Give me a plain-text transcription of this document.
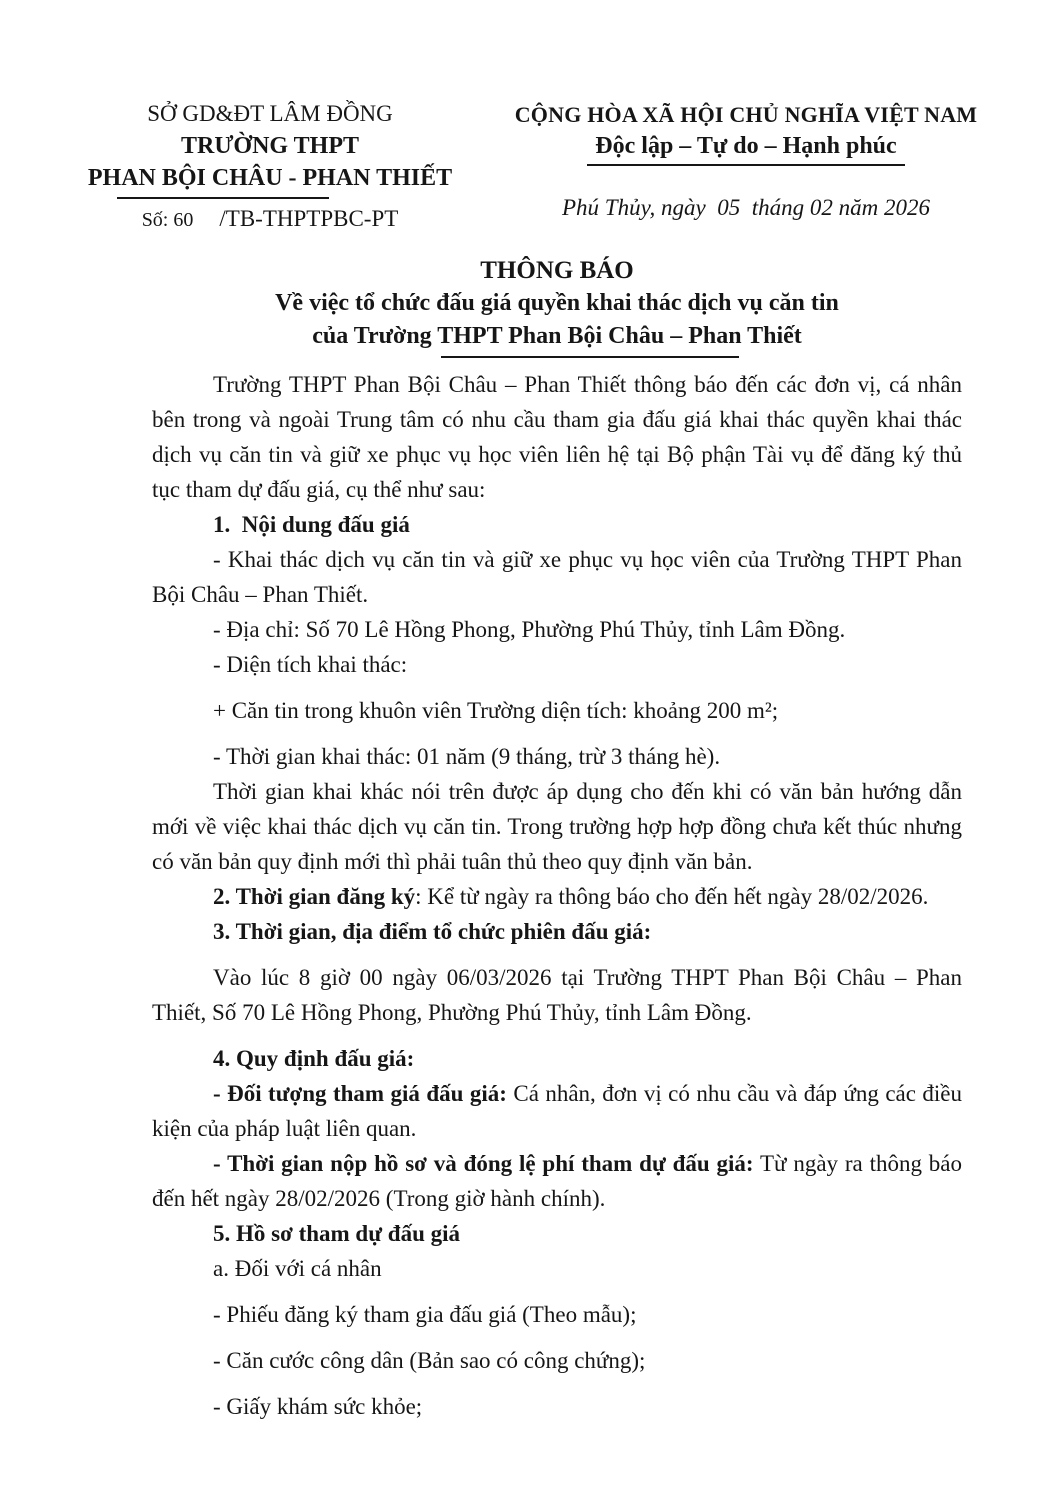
SỞ GD&ĐT LÂM ĐỒNG
TRƯỜNG THPT
PHAN BỘI CHÂU - PHAN THIẾT
Số: 60 /TB-THPTPBC-PT
CỘNG HÒA XÃ HỘI CHỦ NGHĨA VIỆT NAM
Độc lập – Tự do – Hạnh phúc
Phú Thủy, ngày  05  tháng 02 năm 2026
THÔNG BÁO
Về việc tổ chức đấu giá quyền khai thác dịch vụ căn tin
của Trường THPT Phan Bội Châu – Phan Thiết

Trường THPT Phan Bội Châu – Phan Thiết thông báo đến các đơn vị, cá nhân bên trong và ngoài Trung tâm có nhu cầu tham gia đấu giá khai thác quyền khai thác dịch vụ căn tin và giữ xe phục vụ học viên liên hệ tại Bộ phận Tài vụ để đăng ký thủ tục tham dự đấu giá, cụ thể như sau:

1.  Nội dung đấu giá

- Khai thác dịch vụ căn tin và giữ xe phục vụ học viên của Trường THPT Phan Bội Châu – Phan Thiết.

- Địa chỉ: Số 70 Lê Hồng Phong, Phường Phú Thủy, tỉnh Lâm Đồng.

- Diện tích khai thác:

+ Căn tin trong khuôn viên Trường diện tích: khoảng 200 m²;

- Thời gian khai thác: 01 năm (9 tháng, trừ 3 tháng hè).

Thời gian khai khác nói trên được áp dụng cho đến khi có văn bản hướng dẫn mới về việc khai thác dịch vụ căn tin. Trong trường hợp hợp đồng chưa kết thúc nhưng có văn bản quy định mới thì phải tuân thủ theo quy định văn bản.

2. Thời gian đăng ký: Kể từ ngày ra thông báo cho đến hết ngày 28/02/2026.

3. Thời gian, địa điểm tổ chức phiên đấu giá:

Vào lúc 8 giờ 00 ngày 06/03/2026 tại Trường THPT Phan Bội Châu – Phan Thiết, Số 70 Lê Hồng Phong, Phường Phú Thủy, tỉnh Lâm Đồng.

4. Quy định đấu giá:

- Đối tượng tham giá đấu giá: Cá nhân, đơn vị có nhu cầu và đáp ứng các điều kiện của pháp luật liên quan.

- Thời gian nộp hồ sơ và đóng lệ phí tham dự đấu giá: Từ ngày ra thông báo đến hết ngày 28/02/2026 (Trong giờ hành chính).

5. Hồ sơ tham dự đấu giá

a. Đối với cá nhân

- Phiếu đăng ký tham gia đấu giá (Theo mẫu);

- Căn cước công dân (Bản sao có công chứng);

- Giấy khám sức khỏe;
